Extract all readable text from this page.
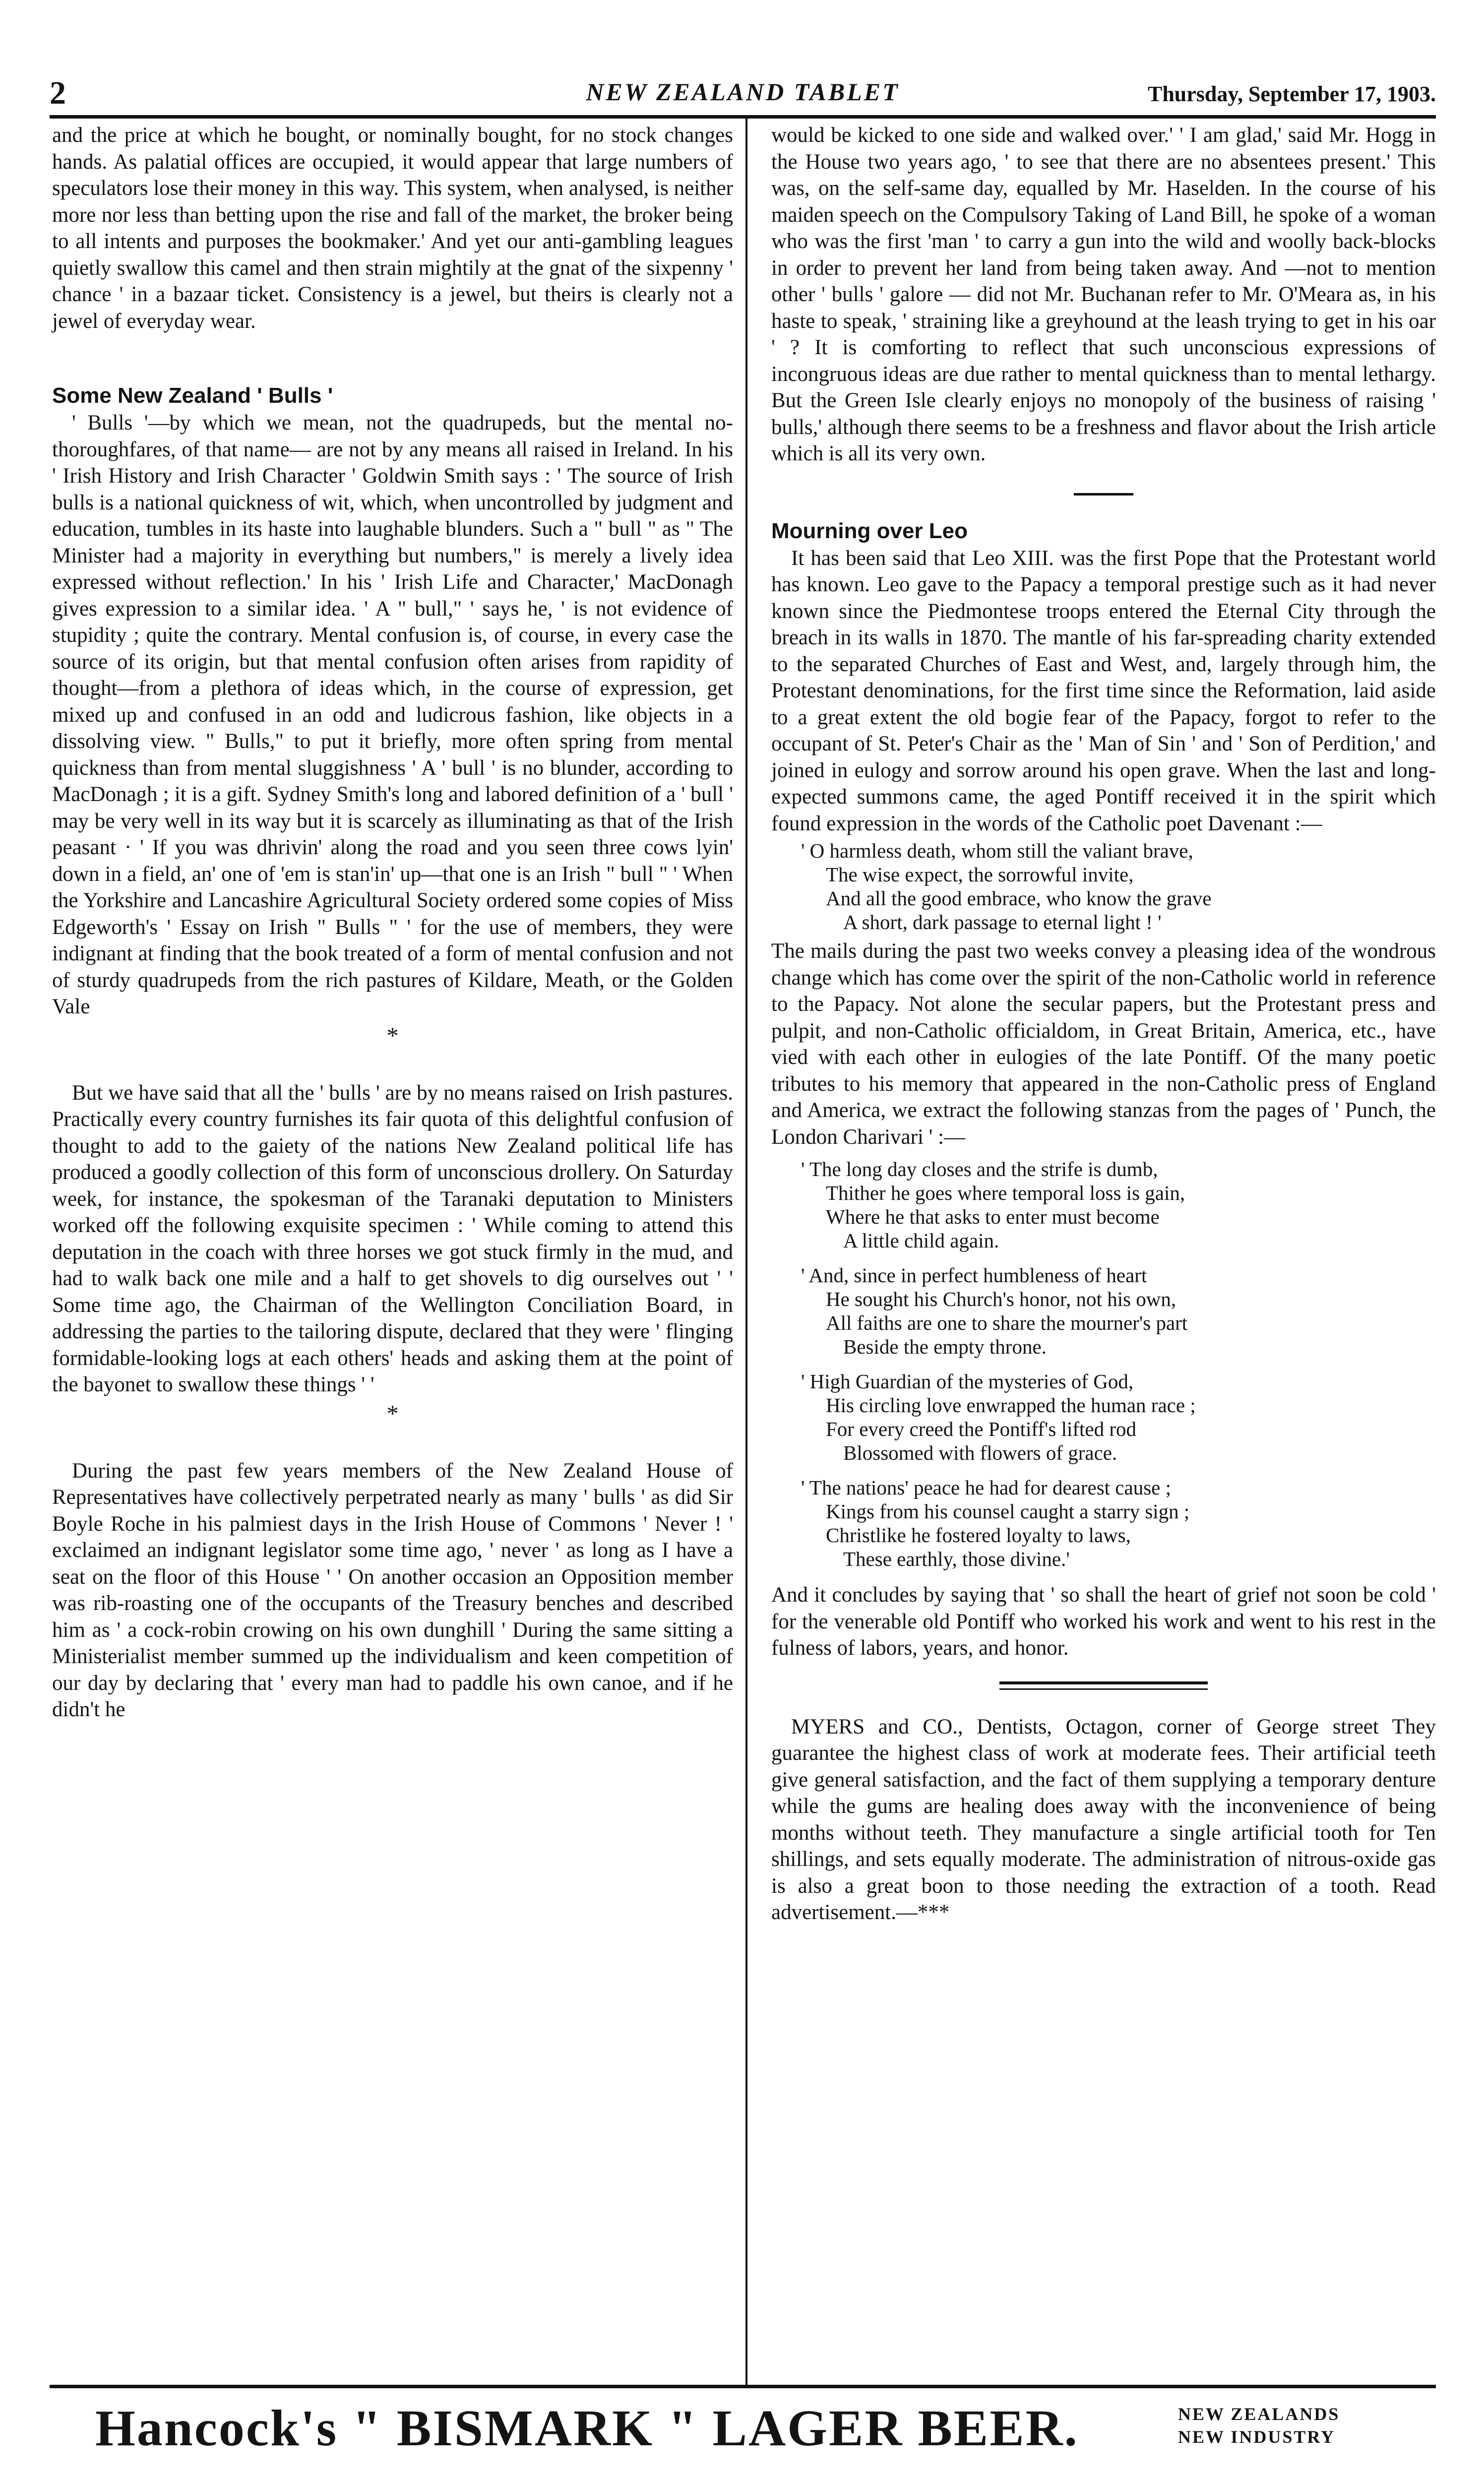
2	NEW ZEALAND TABLET	Thursday, September 17, 1903.

and the price at which he bought, or nominally bought, for no stock changes hands. As palatial offices are occupied, it would appear that large numbers of speculators lose their money in this way. This system, when analysed, is neither more nor less than betting upon the rise and fall of the market, the broker being to all intents and purposes the bookmaker.' And yet our anti-gambling leagues quietly swallow this camel and then strain mightily at the gnat of the sixpenny ' chance ' in a bazaar ticket. Consistency is a jewel, but theirs is clearly not a jewel of everyday wear.

Some New Zealand ' Bulls '

' Bulls '—by which we mean, not the quadrupeds, but the mental no-thoroughfares, of that name— are not by any means all raised in Ireland. In his ' Irish History and Irish Character ' Goldwin Smith says : ' The source of Irish bulls is a national quickness of wit, which, when uncontrolled by judgment and education, tumbles in its haste into laughable blunders. Such a " bull " as " The Minister had a majority in everything but numbers," is merely a lively idea expressed without reflection.' In his ' Irish Life and Character,' MacDonagh gives expression to a similar idea. ' A " bull," ' says he, ' is not evidence of stupidity ; quite the contrary. Mental confusion is, of course, in every case the source of its origin, but that mental confusion often arises from rapidity of thought—from a plethora of ideas which, in the course of expression, get mixed up and confused in an odd and ludicrous fashion, like objects in a dissolving view. " Bulls," to put it briefly, more often spring from mental quickness than from mental sluggishness ' A ' bull ' is no blunder, according to MacDonagh ; it is a gift. Sydney Smith's long and labored definition of a ' bull ' may be very well in its way but it is scarcely as illuminating as that of the Irish peasant · ' If you was dhrivin' along the road and you seen three cows lyin' down in a field, an' one of 'em is stan'in' up—that one is an Irish " bull " ' When the Yorkshire and Lancashire Agricultural Society ordered some copies of Miss Edgeworth's ' Essay on Irish " Bulls " ' for the use of members, they were indignant at finding that the book treated of a form of mental confusion and not of sturdy quadrupeds from the rich pastures of Kildare, Meath, or the Golden Vale

*

But we have said that all the ' bulls ' are by no means raised on Irish pastures. Practically every country furnishes its fair quota of this delightful confusion of thought to add to the gaiety of the nations New Zealand political life has produced a goodly collection of this form of unconscious drollery. On Saturday week, for instance, the spokesman of the Taranaki deputation to Ministers worked off the following exquisite specimen : ' While coming to attend this deputation in the coach with three horses we got stuck firmly in the mud, and had to walk back one mile and a half to get shovels to dig ourselves out ' ' Some time ago, the Chairman of the Wellington Conciliation Board, in addressing the parties to the tailoring dispute, declared that they were ' flinging formidable-looking logs at each others' heads and asking them at the point of the bayonet to swallow these things ' '

*

During the past few years members of the New Zealand House of Representatives have collectively perpetrated nearly as many ' bulls ' as did Sir Boyle Roche in his palmiest days in the Irish House of Commons ' Never ! ' exclaimed an indignant legislator some time ago, ' never ' as long as I have a seat on the floor of this House ' ' On another occasion an Opposition member was rib-roasting one of the occupants of the Treasury benches and described him as ' a cock-robin crowing on his own dunghill ' During the same sitting a Ministerialist member summed up the individualism and keen competition of our day by declaring that ' every man had to paddle his own canoe, and if he didn't he

would be kicked to one side and walked over.' ' I am glad,' said Mr. Hogg in the House two years ago, ' to see that there are no absentees present.' This was, on the self-same day, equalled by Mr. Haselden. In the course of his maiden speech on the Compulsory Taking of Land Bill, he spoke of a woman who was the first 'man ' to carry a gun into the wild and woolly back-blocks in order to prevent her land from being taken away. And —not to mention other ' bulls ' galore — did not Mr. Buchanan refer to Mr. O'Meara as, in his haste to speak, ' straining like a greyhound at the leash trying to get in his oar ' ? It is comforting to reflect that such unconscious expressions of incongruous ideas are due rather to mental quickness than to mental lethargy. But the Green Isle clearly enjoys no monopoly of the business of raising ' bulls,' although there seems to be a freshness and flavor about the Irish article which is all its very own.

Mourning over Leo

It has been said that Leo XIII. was the first Pope that the Protestant world has known. Leo gave to the Papacy a temporal prestige such as it had never known since the Piedmontese troops entered the Eternal City through the breach in its walls in 1870. The mantle of his far-spreading charity extended to the separated Churches of East and West, and, largely through him, the Protestant denominations, for the first time since the Reformation, laid aside to a great extent the old bogie fear of the Papacy, forgot to refer to the occupant of St. Peter's Chair as the ' Man of Sin ' and ' Son of Perdition,' and joined in eulogy and sorrow around his open grave. When the last and long-expected summons came, the aged Pontiff received it in the spirit which found expression in the words of the Catholic poet Davenant :—

' O harmless death, whom still the valiant brave,
The wise expect, the sorrowful invite,
And all the good embrace, who know the grave
A short, dark passage to eternal light ! '

The mails during the past two weeks convey a pleasing idea of the wondrous change which has come over the spirit of the non-Catholic world in reference to the Papacy. Not alone the secular papers, but the Protestant press and pulpit, and non-Catholic officialdom, in Great Britain, America, etc., have vied with each other in eulogies of the late Pontiff. Of the many poetic tributes to his memory that appeared in the non-Catholic press of England and America, we extract the following stanzas from the pages of ' Punch, the London Charivari ' :—

' The long day closes and the strife is dumb,
Thither he goes where temporal loss is gain,
Where he that asks to enter must become
A little child again.
' And, since in perfect humbleness of heart
He sought his Church's honor, not his own,
All faiths are one to share the mourner's part
Beside the empty throne.
' High Guardian of the mysteries of God,
His circling love enwrapped the human race ;
For every creed the Pontiff's lifted rod
Blossomed with flowers of grace.
' The nations' peace he had for dearest cause ;
Kings from his counsel caught a starry sign ;
Christlike he fostered loyalty to laws,
These earthly, those divine.'

And it concludes by saying that ' so shall the heart of grief not soon be cold ' for the venerable old Pontiff who worked his work and went to his rest in the fulness of labors, years, and honor.

MYERS and CO., Dentists, Octagon, corner of George street They guarantee the highest class of work at moderate fees. Their artificial teeth give general satisfaction, and the fact of them supplying a temporary denture while the gums are healing does away with the inconvenience of being months without teeth. They manufacture a single artificial tooth for Ten shillings, and sets equally moderate. The administration of nitrous-oxide gas is also a great boon to those needing the extraction of a tooth. Read advertisement.—***

Hancock's " BISMARK " LAGER BEER.	NEW ZEALANDS
NEW INDUSTRY
